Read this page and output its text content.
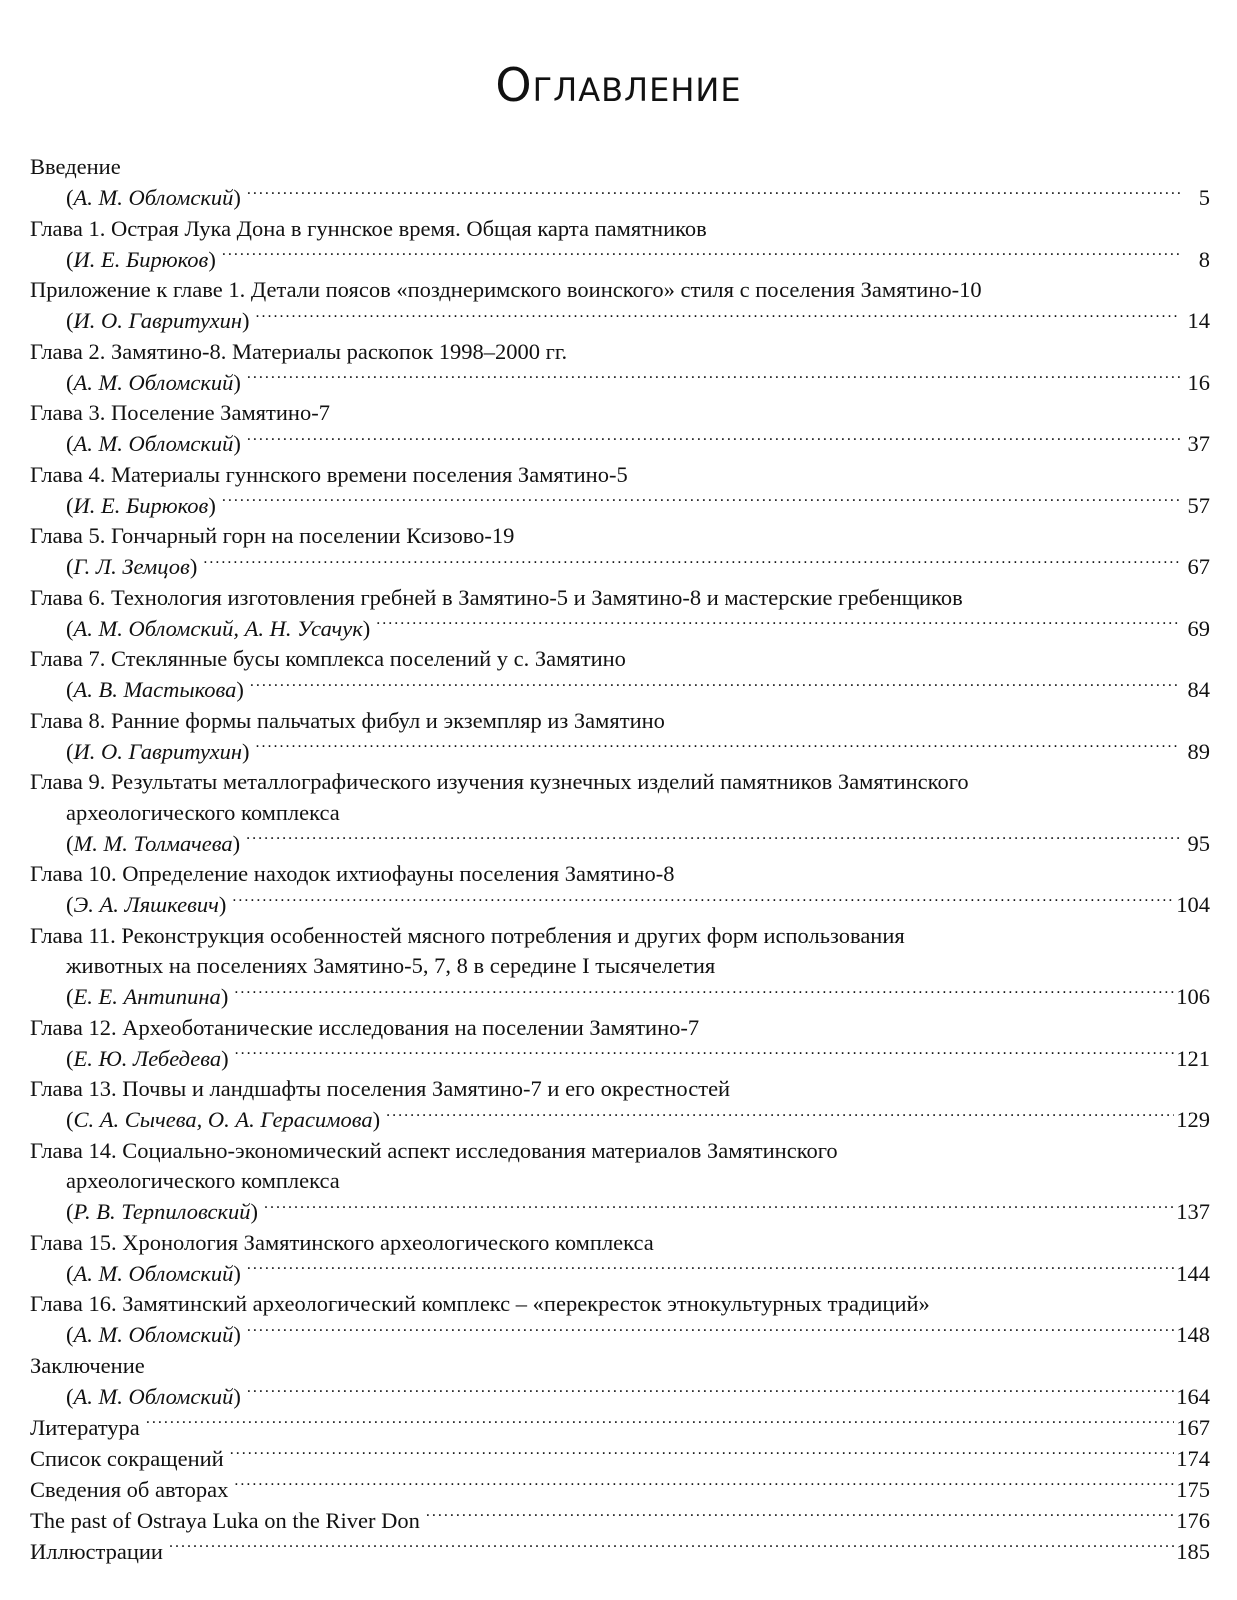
Оглавление
Введение
( А. М. Обломский ) . . .	5
Глава 1. Острая Лука Дона в гуннское время. Общая карта памятников
( И. Е. Бирюков ) . . .	8
Приложение к главе 1. Детали поясов «позднеримского воинского» стиля с поселения Замятино-10
( И. О. Гавритухин ) . . .	14
Глава 2. Замятино-8. Материалы раскопок 1998–2000 гг.
( А. М. Обломский ) . . .	16
Глава 3. Поселение Замятино-7
( А. М. Обломский ) . . .	37
Глава 4. Материалы гуннского времени поселения Замятино-5
( И. Е. Бирюков ) . . .	57
Глава 5. Гончарный горн на поселении Ксизово-19
( Г. Л. Земцов ) . . .	67
Глава 6. Технология изготовления гребней в Замятино-5 и Замятино-8 и мастерские гребенщиков
( А. М. Обломский, А. Н. Усачук ) . . .	69
Глава 7. Стеклянные бусы комплекса поселений у с. Замятино
( А. В. Мастыкова ) . . .	84
Глава 8. Ранние формы пальчатых фибул и экземпляр из Замятино
( И. О. Гавритухин ) . . .	89
Глава 9. Результаты металлографического изучения кузнечных изделий памятников Замятинского
археологического комплекса
( М. М. Толмачева ) . . .	95
Глава 10. Определение находок ихтиофауны поселения Замятино-8
( Э. А. Ляшкевич ) . . .	104
Глава 11. Реконструкция особенностей мясного потребления и других форм использования
животных на поселениях Замятино-5, 7, 8 в середине I тысячелетия
( Е. Е. Антипина ) . . .	106
Глава 12. Археоботанические исследования на поселении Замятино-7
( Е. Ю. Лебедева ) . . .	121
Глава 13. Почвы и ландшафты поселения Замятино-7 и его окрестностей
( С. А. Сычева, О. А. Герасимова ) . . .	129
Глава 14. Социально-экономический аспект исследования материалов Замятинского
археологического комплекса
( Р. В. Терпиловский ) . . .	137
Глава 15. Хронология Замятинского археологического комплекса
( А. М. Обломский ) . . .	144
Глава 16. Замятинский археологический комплекс – «перекресток этнокультурных традиций»
( А. М. Обломский ) . . .	148
Заключение
( А. М. Обломский ) . . .	164
Литература . . .	167
Список сокращений . . .	174
Сведения об авторах . . .	175
The past of Ostraya Luka on the River Don . . .	176
Иллюстрации . . .	185
